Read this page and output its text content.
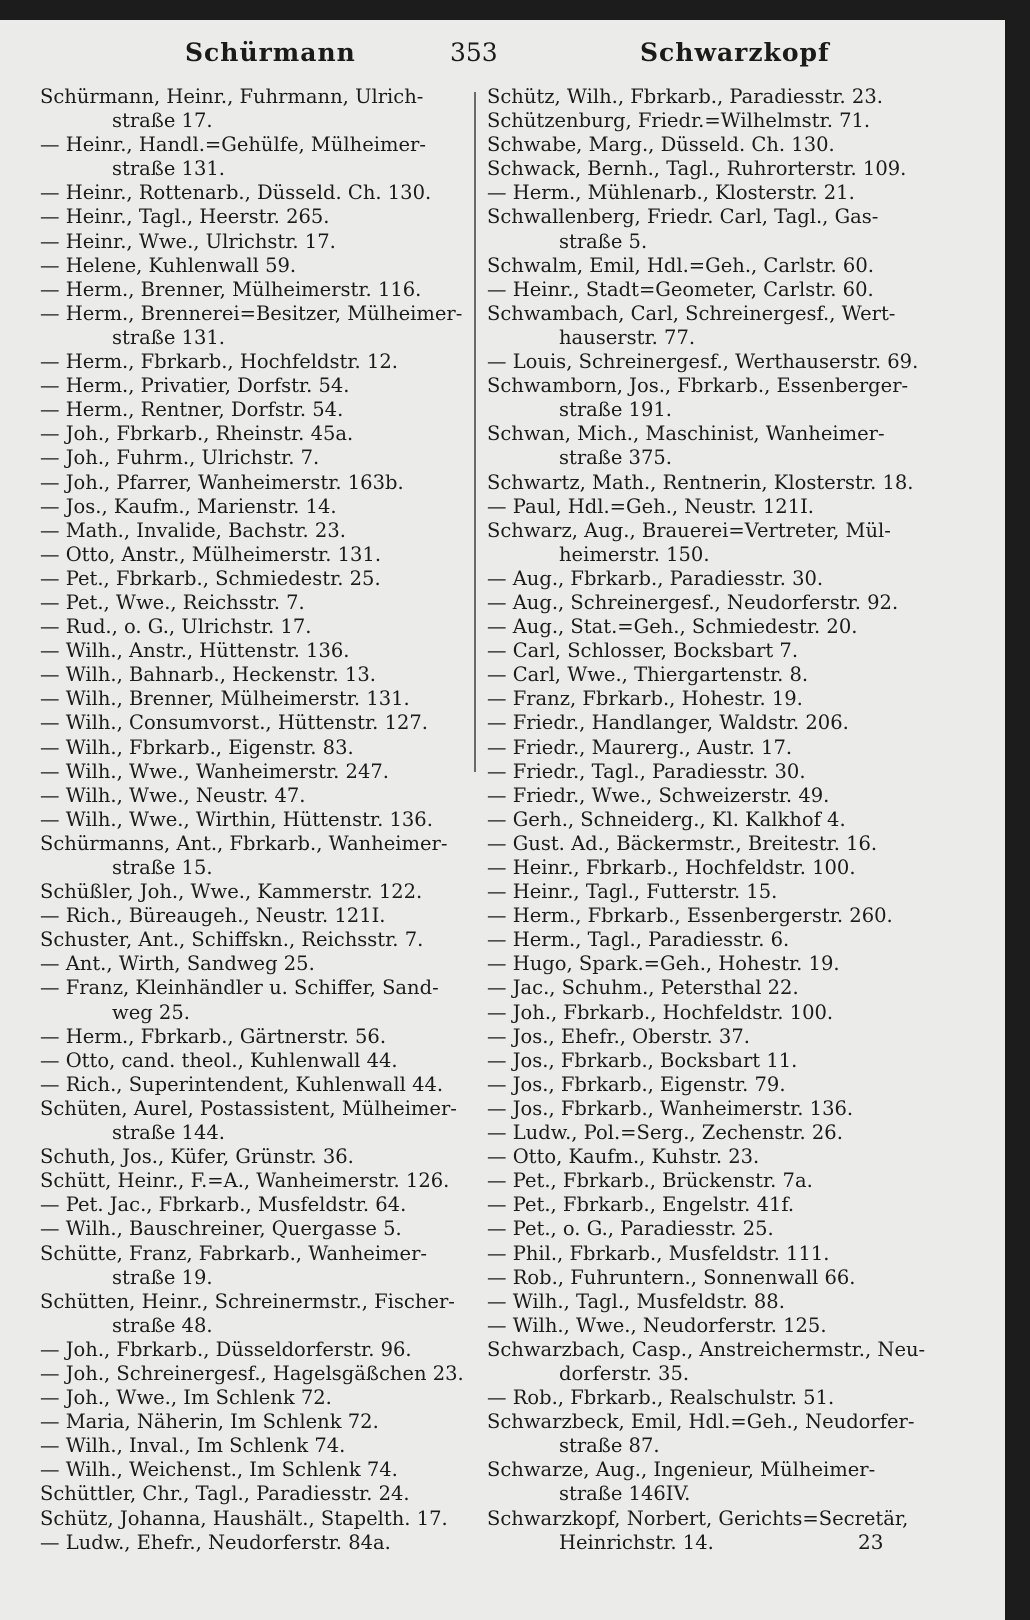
Schürmann	353	Schwarzkopf
Schürmann, Heinr., Fuhrmann, Ulrich-
straße 17.
— Heinr., Handl.=Gehülfe, Mülheimer-
straße 131.
— Heinr., Rottenarb., Düsseld. Ch. 130.
— Heinr., Tagl., Heerstr. 265.
— Heinr., Wwe., Ulrichstr. 17.
— Helene, Kuhlenwall 59.
— Herm., Brenner, Mülheimerstr. 116.
— Herm., Brennerei=Besitzer, Mülheimer-
straße 131.
— Herm., Fbrkarb., Hochfeldstr. 12.
— Herm., Privatier, Dorfstr. 54.
— Herm., Rentner, Dorfstr. 54.
— Joh., Fbrkarb., Rheinstr. 45a.
— Joh., Fuhrm., Ulrichstr. 7.
— Joh., Pfarrer, Wanheimerstr. 163b.
— Jos., Kaufm., Marienstr. 14.
— Math., Invalide, Bachstr. 23.
— Otto, Anstr., Mülheimerstr. 131.
— Pet., Fbrkarb., Schmiedestr. 25.
— Pet., Wwe., Reichsstr. 7.
— Rud., o. G., Ulrichstr. 17.
— Wilh., Anstr., Hüttenstr. 136.
— Wilh., Bahnarb., Heckenstr. 13.
— Wilh., Brenner, Mülheimerstr. 131.
— Wilh., Consumvorst., Hüttenstr. 127.
— Wilh., Fbrkarb., Eigenstr. 83.
— Wilh., Wwe., Wanheimerstr. 247.
— Wilh., Wwe., Neustr. 47.
— Wilh., Wwe., Wirthin, Hüttenstr. 136.
Schürmanns, Ant., Fbrkarb., Wanheimer-
straße 15.
Schüßler, Joh., Wwe., Kammerstr. 122.
— Rich., Büreaugeh., Neustr. 121I.
Schuster, Ant., Schiffskn., Reichsstr. 7.
— Ant., Wirth, Sandweg 25.
— Franz, Kleinhändler u. Schiffer, Sand-
weg 25.
— Herm., Fbrkarb., Gärtnerstr. 56.
— Otto, cand. theol., Kuhlenwall 44.
— Rich., Superintendent, Kuhlenwall 44.
Schüten, Aurel, Postassistent, Mülheimer-
straße 144.
Schuth, Jos., Küfer, Grünstr. 36.
Schütt, Heinr., F.=A., Wanheimerstr. 126.
— Pet. Jac., Fbrkarb., Musfeldstr. 64.
— Wilh., Bauschreiner, Quergasse 5.
Schütte, Franz, Fabrkarb., Wanheimer-
straße 19.
Schütten, Heinr., Schreinermstr., Fischer-
straße 48.
— Joh., Fbrkarb., Düsseldorferstr. 96.
— Joh., Schreinergesf., Hagelsgäßchen 23.
— Joh., Wwe., Im Schlenk 72.
— Maria, Näherin, Im Schlenk 72.
— Wilh., Inval., Im Schlenk 74.
— Wilh., Weichenst., Im Schlenk 74.
Schüttler, Chr., Tagl., Paradiesstr. 24.
Schütz, Johanna, Haushält., Stapelth. 17.
— Ludw., Ehefr., Neudorferstr. 84a.
Schütz, Wilh., Fbrkarb., Paradiesstr. 23.
Schützenburg, Friedr.=Wilhelmstr. 71.
Schwabe, Marg., Düsseld. Ch. 130.
Schwack, Bernh., Tagl., Ruhrorterstr. 109.
— Herm., Mühlenarb., Klosterstr. 21.
Schwallenberg, Friedr. Carl, Tagl., Gas-
straße 5.
Schwalm, Emil, Hdl.=Geh., Carlstr. 60.
— Heinr., Stadt=Geometer, Carlstr. 60.
Schwambach, Carl, Schreinergesf., Wert-
hauserstr. 77.
— Louis, Schreinergesf., Werthauserstr. 69.
Schwamborn, Jos., Fbrkarb., Essenberger-
straße 191.
Schwan, Mich., Maschinist, Wanheimer-
straße 375.
Schwartz, Math., Rentnerin, Klosterstr. 18.
— Paul, Hdl.=Geh., Neustr. 121I.
Schwarz, Aug., Brauerei=Vertreter, Mül-
heimerstr. 150.
— Aug., Fbrkarb., Paradiesstr. 30.
— Aug., Schreinergesf., Neudorferstr. 92.
— Aug., Stat.=Geh., Schmiedestr. 20.
— Carl, Schlosser, Bocksbart 7.
— Carl, Wwe., Thiergartenstr. 8.
— Franz, Fbrkarb., Hohestr. 19.
— Friedr., Handlanger, Waldstr. 206.
— Friedr., Maurerg., Austr. 17.
— Friedr., Tagl., Paradiesstr. 30.
— Friedr., Wwe., Schweizerstr. 49.
— Gerh., Schneiderg., Kl. Kalkhof 4.
— Gust. Ad., Bäckermstr., Breitestr. 16.
— Heinr., Fbrkarb., Hochfeldstr. 100.
— Heinr., Tagl., Futterstr. 15.
— Herm., Fbrkarb., Essenbergerstr. 260.
— Herm., Tagl., Paradiesstr. 6.
— Hugo, Spark.=Geh., Hohestr. 19.
— Jac., Schuhm., Petersthal 22.
— Joh., Fbrkarb., Hochfeldstr. 100.
— Jos., Ehefr., Oberstr. 37.
— Jos., Fbrkarb., Bocksbart 11.
— Jos., Fbrkarb., Eigenstr. 79.
— Jos., Fbrkarb., Wanheimerstr. 136.
— Ludw., Pol.=Serg., Zechenstr. 26.
— Otto, Kaufm., Kuhstr. 23.
— Pet., Fbrkarb., Brückenstr. 7a.
— Pet., Fbrkarb., Engelstr. 41f.
— Pet., o. G., Paradiesstr. 25.
— Phil., Fbrkarb., Musfeldstr. 111.
— Rob., Fuhruntern., Sonnenwall 66.
— Wilh., Tagl., Musfeldstr. 88.
— Wilh., Wwe., Neudorferstr. 125.
Schwarzbach, Casp., Anstreichermstr., Neu-
dorferstr. 35.
— Rob., Fbrkarb., Realschulstr. 51.
Schwarzbeck, Emil, Hdl.=Geh., Neudorfer-
straße 87.
Schwarze, Aug., Ingenieur, Mülheimer-
straße 146IV.
Schwarzkopf, Norbert, Gerichts=Secretär,
Heinrichstr. 14.	23
